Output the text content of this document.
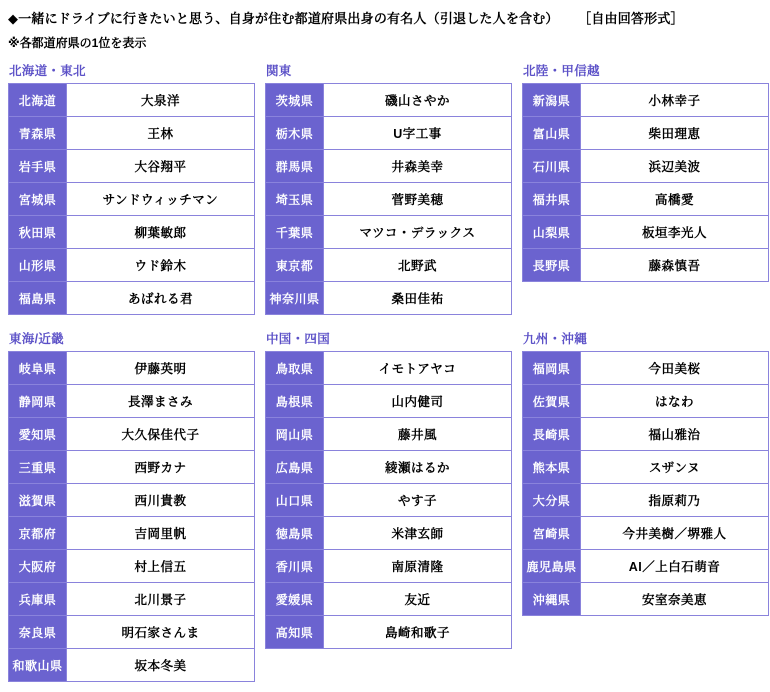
◆一緒にドライブに行きたいと思う、自身が住む都道府県出身の有名人（引退した人を含む） ［自由回答形式］
※各都道府県の1位を表示
北海道・東北
北海道	大泉洋
青森県	王林
岩手県	大谷翔平
宮城県	サンドウィッチマン
秋田県	柳葉敏郎
山形県	ウド鈴木
福島県	あばれる君
関東
茨城県	磯山さやか
栃木県	U字工事
群馬県	井森美幸
埼玉県	菅野美穂
千葉県	マツコ・デラックス
東京都	北野武
神奈川県	桑田佳祐
北陸・甲信越
新潟県	小林幸子
富山県	柴田理恵
石川県	浜辺美波
福井県	高橋愛
山梨県	板垣李光人
長野県	藤森慎吾
東海/近畿
岐阜県	伊藤英明
静岡県	長澤まさみ
愛知県	大久保佳代子
三重県	西野カナ
滋賀県	西川貴教
京都府	吉岡里帆
大阪府	村上信五
兵庫県	北川景子
奈良県	明石家さんま
和歌山県	坂本冬美
中国・四国
鳥取県	イモトアヤコ
島根県	山内健司
岡山県	藤井風
広島県	綾瀬はるか
山口県	やす子
徳島県	米津玄師
香川県	南原清隆
愛媛県	友近
高知県	島崎和歌子
九州・沖縄
福岡県	今田美桜
佐賀県	はなわ
長崎県	福山雅治
熊本県	スザンヌ
大分県	指原莉乃
宮崎県	今井美樹／堺雅人
鹿児島県	AI／上白石萌音
沖縄県	安室奈美恵
